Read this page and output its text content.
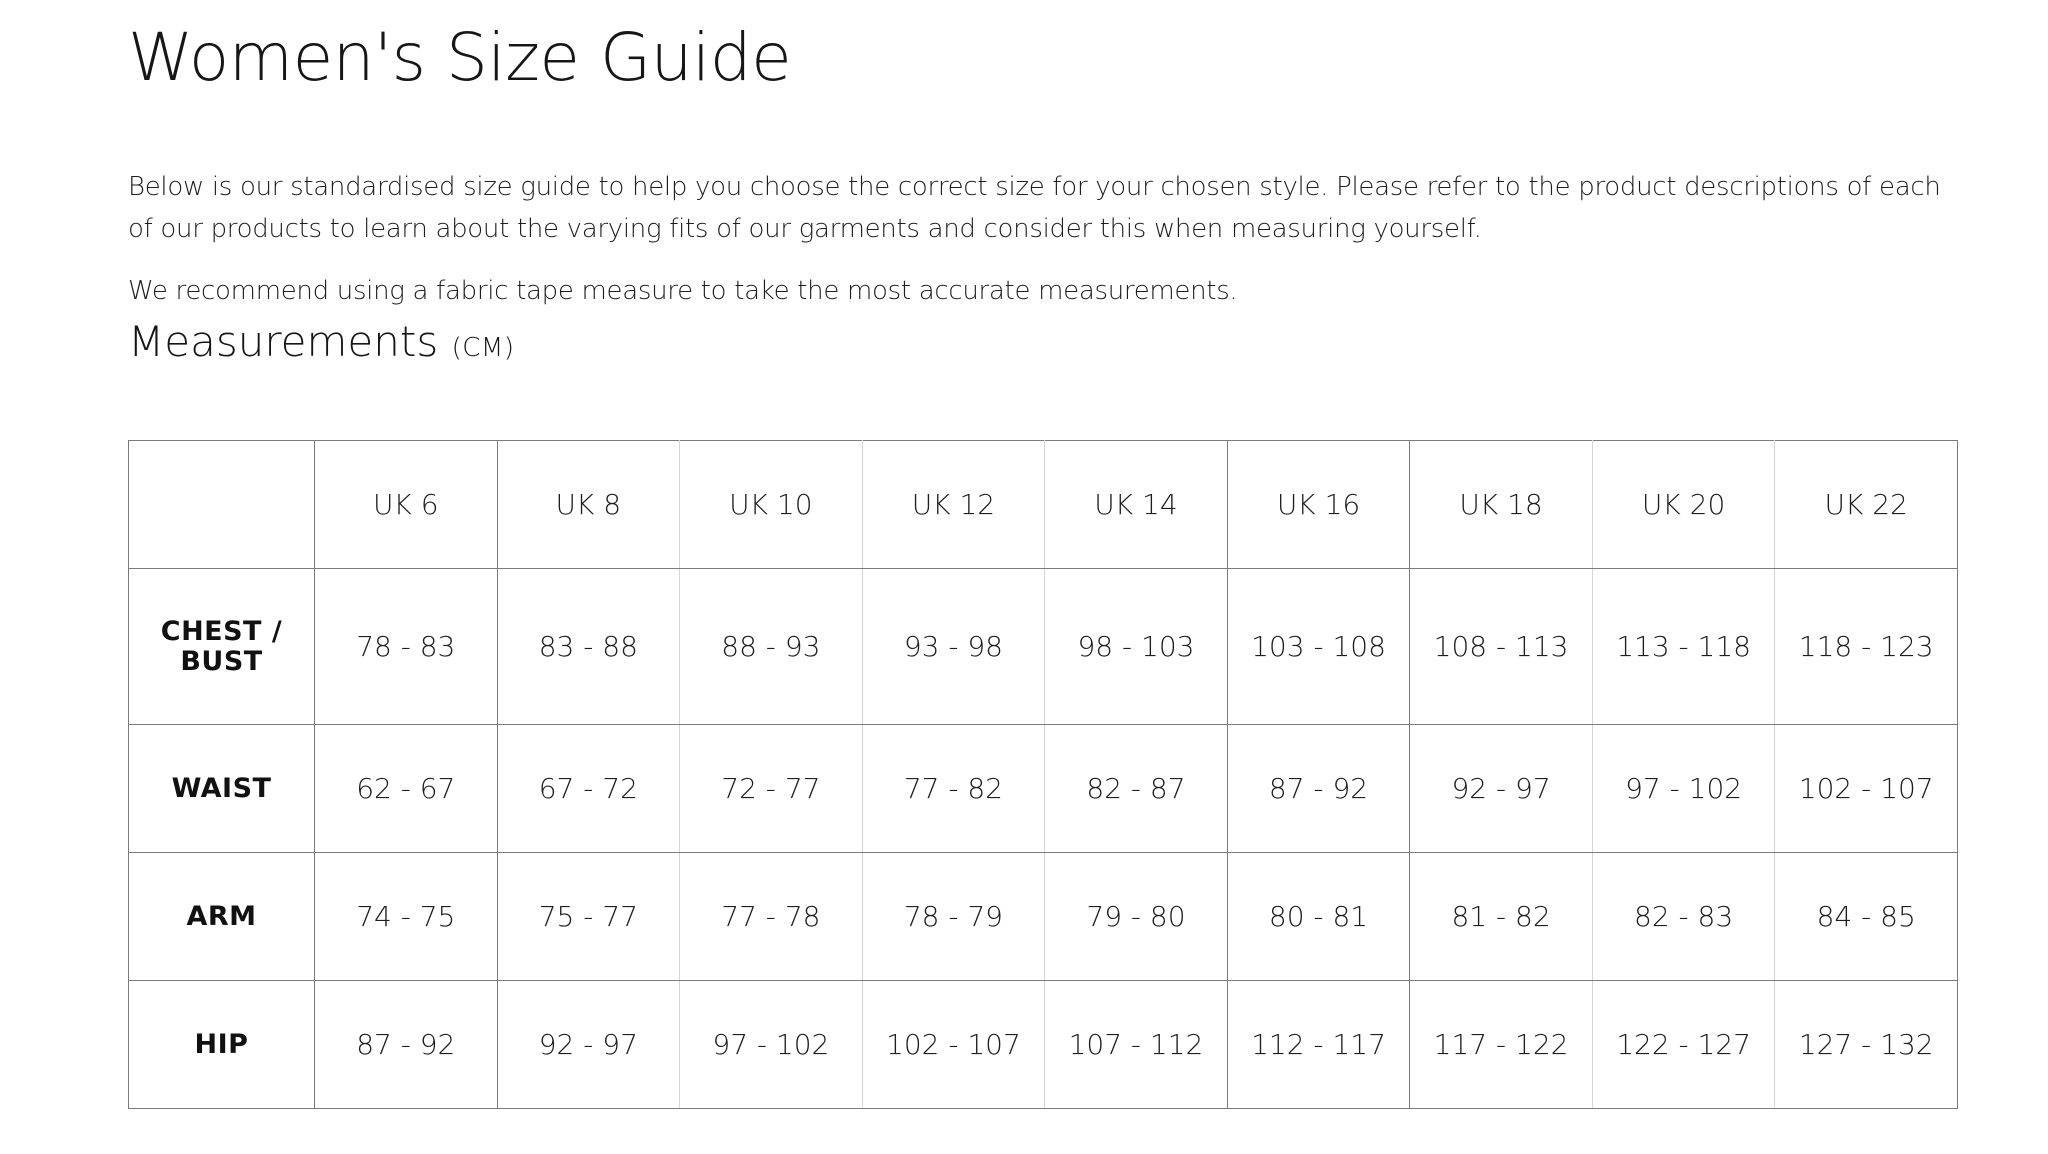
Women's Size Guide

Below is our standardised size guide to help you choose the correct size for your chosen style. Please refer to the product descriptions of each of our products to learn about the varying fits of our garments and consider this when measuring yourself.

We recommend using a fabric tape measure to take the most accurate measurements.

Measurements (CM)
	UK 6	UK 8	UK 10	UK 12	UK 14	UK 16	UK 18	UK 20	UK 22
CHEST / BUST	78 - 83	83 - 88	88 - 93	93 - 98	98 - 103	103 - 108	108 - 113	113 - 118	118 - 123
WAIST	62 - 67	67 - 72	72 - 77	77 - 82	82 - 87	87 - 92	92 - 97	97 - 102	102 - 107
ARM	74 - 75	75 - 77	77 - 78	78 - 79	79 - 80	80 - 81	81 - 82	82 - 83	84 - 85
HIP	87 - 92	92 - 97	97 - 102	102 - 107	107 - 112	112 - 117	117 - 122	122 - 127	127 - 132
